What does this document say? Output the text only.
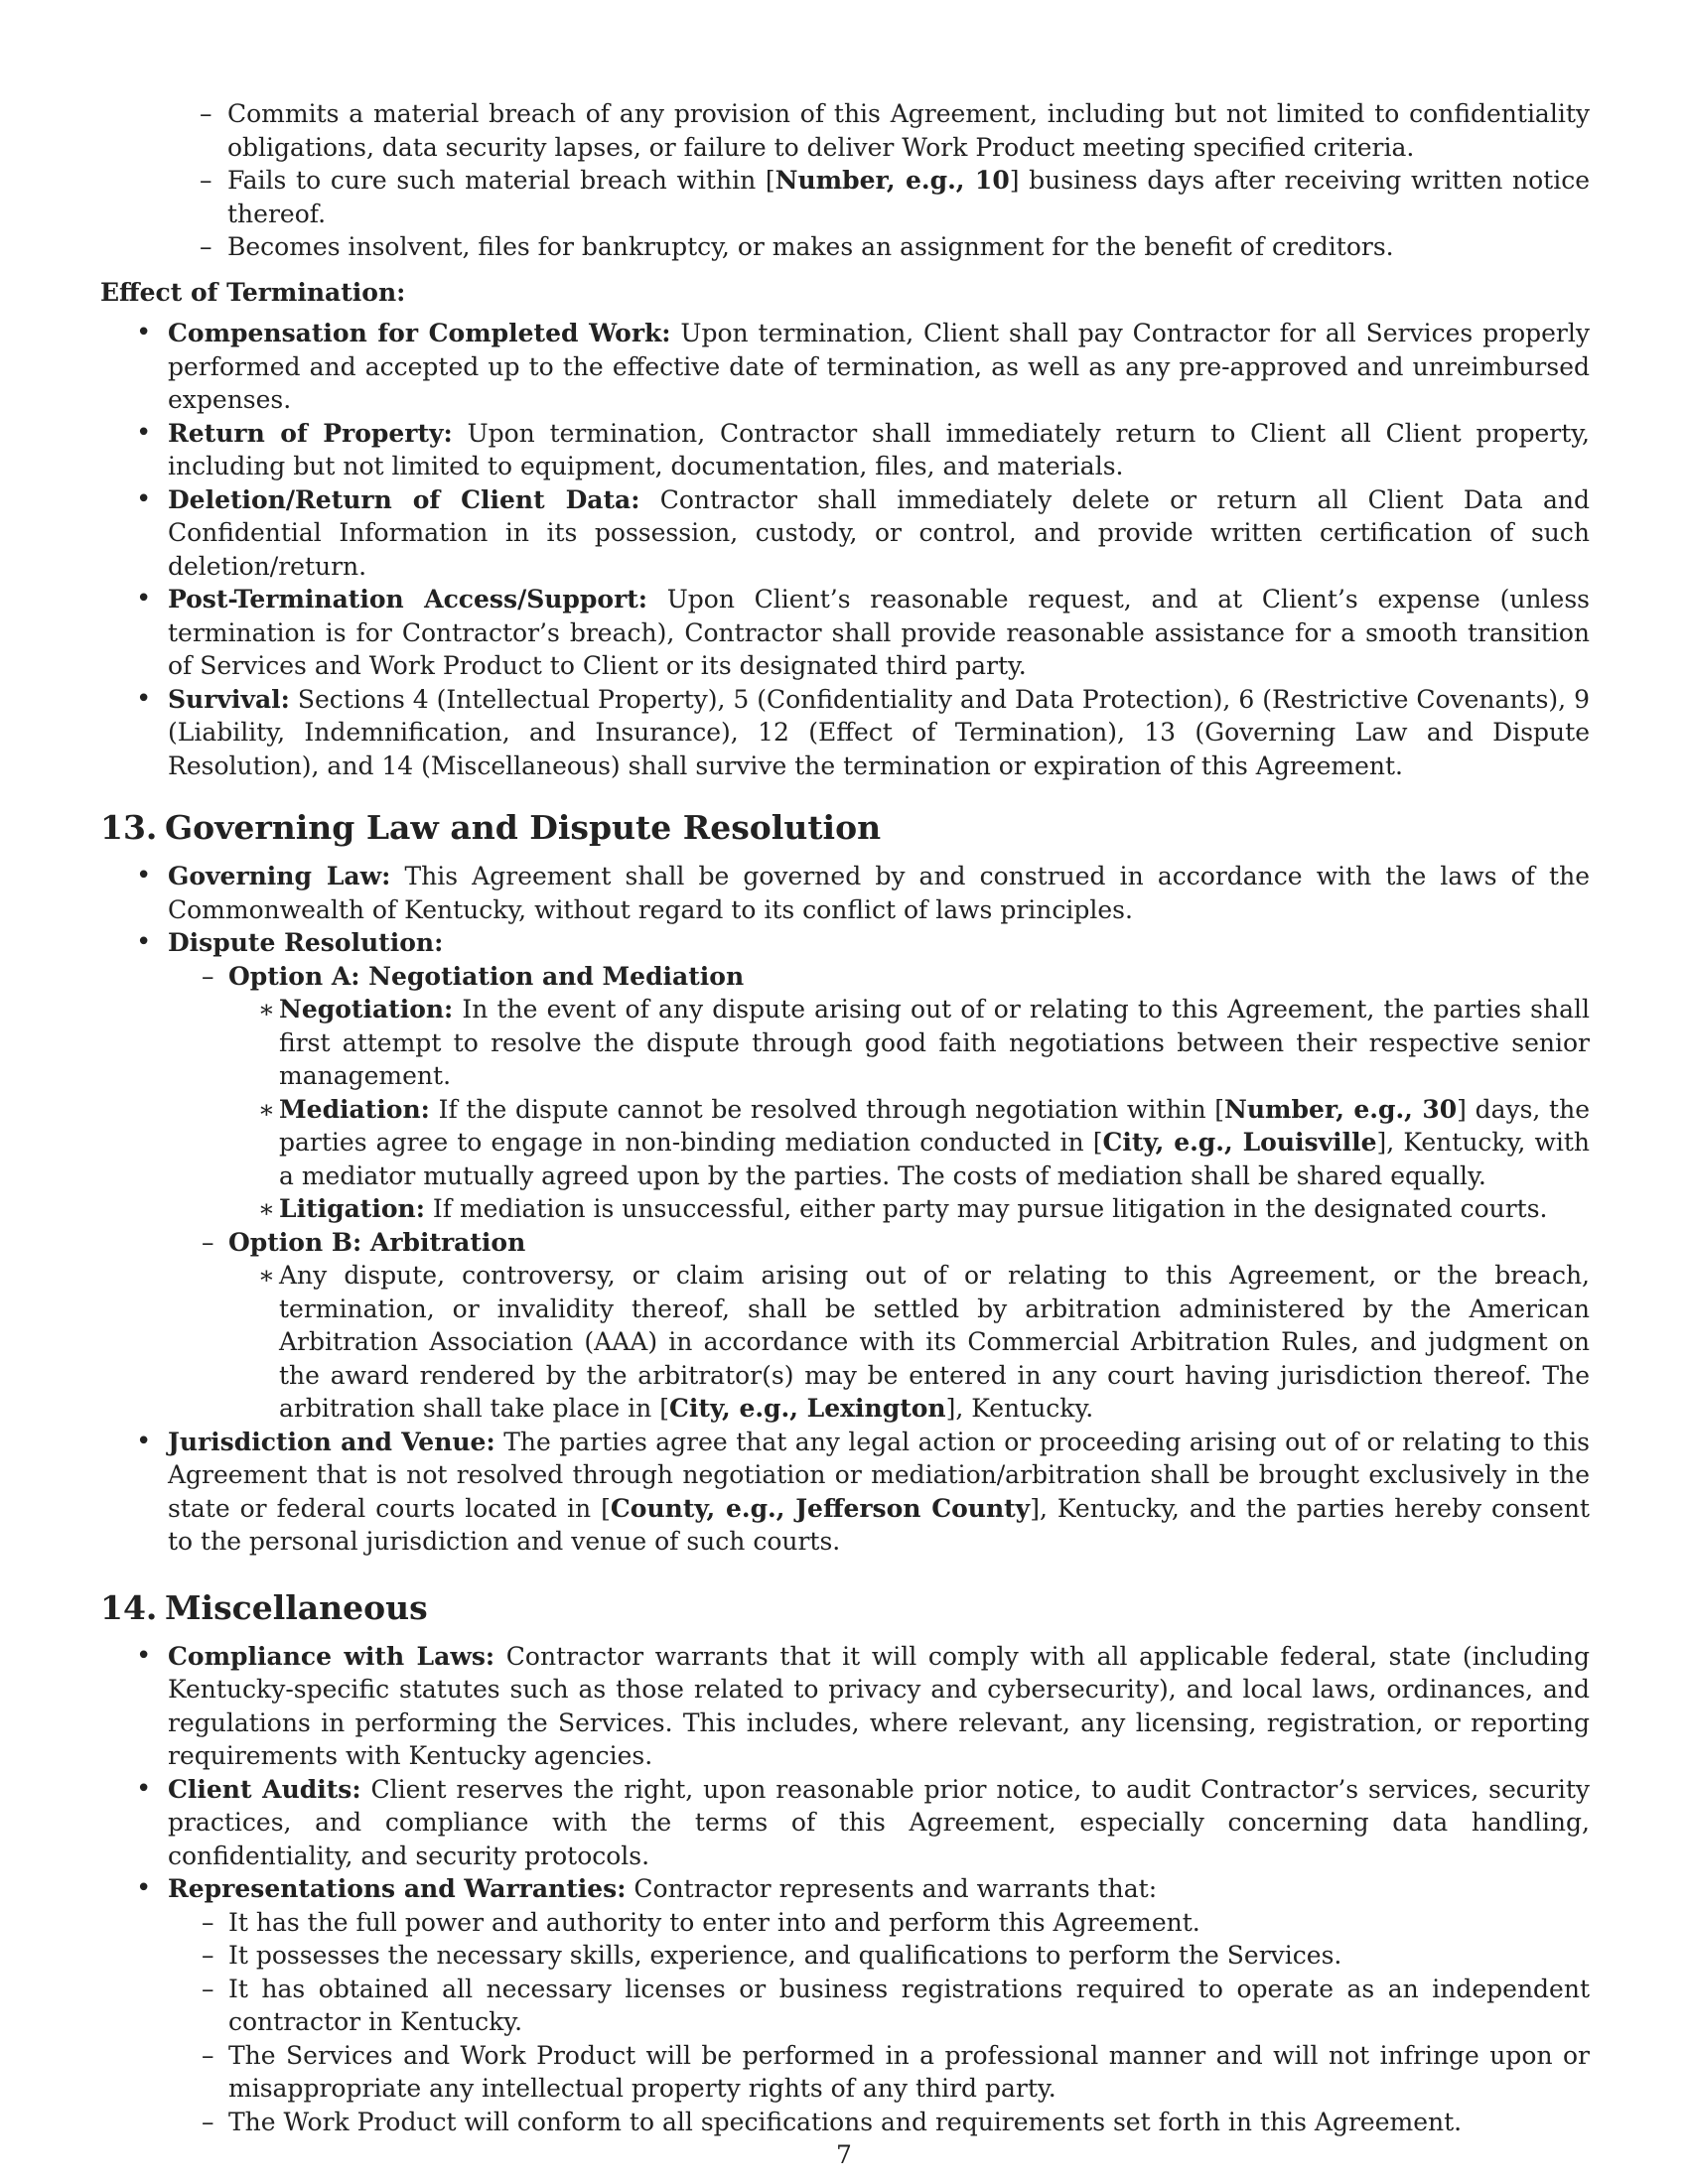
– Commits a material breach of any provision of this Agreement, including but not limited to confidentiality obligations, data security lapses, or failure to deliver Work Product meeting specified criteria.
– Fails to cure such material breach within [Number, e.g., 10] business days after receiving written notice thereof.
– Becomes insolvent, files for bankruptcy, or makes an assignment for the benefit of creditors.
Effect of Termination:
• Compensation for Completed Work: Upon termination, Client shall pay Contractor for all Services properly performed and accepted up to the effective date of termination, as well as any pre-approved and unreimbursed expenses.
• Return of Property: Upon termination, Contractor shall immediately return to Client all Client property, including but not limited to equipment, documentation, files, and materials.
• Deletion/Return of Client Data: Contractor shall immediately delete or return all Client Data and Confidential Information in its possession, custody, or control, and provide written certification of such deletion/return.
• Post-Termination Access/Support: Upon Client’s reasonable request, and at Client’s expense (unless termination is for Contractor’s breach), Contractor shall provide reasonable assistance for a smooth transition of Services and Work Product to Client or its designated third party.
• Survival: Sections 4 (Intellectual Property), 5 (Confidentiality and Data Protection), 6 (Restrictive Covenants), 9 (Liability, Indemnification, and Insurance), 12 (Effect of Termination), 13 (Governing Law and Dispute Resolution), and 14 (Miscellaneous) shall survive the termination or expiration of this Agreement.
13. Governing Law and Dispute Resolution
• Governing Law: This Agreement shall be governed by and construed in accordance with the laws of the Commonwealth of Kentucky, without regard to its conflict of laws principles.
• Dispute Resolution:
– Option A: Negotiation and Mediation
∗ Negotiation: In the event of any dispute arising out of or relating to this Agreement, the parties shall first attempt to resolve the dispute through good faith negotiations between their respective senior management.
∗ Mediation: If the dispute cannot be resolved through negotiation within [Number, e.g., 30] days, the parties agree to engage in non-binding mediation conducted in [City, e.g., Louisville], Kentucky, with a mediator mutually agreed upon by the parties. The costs of mediation shall be shared equally.
∗ Litigation: If mediation is unsuccessful, either party may pursue litigation in the designated courts.
– Option B: Arbitration
∗ Any dispute, controversy, or claim arising out of or relating to this Agreement, or the breach, termination, or invalidity thereof, shall be settled by arbitration administered by the American Arbitration Association (AAA) in accordance with its Commercial Arbitration Rules, and judgment on the award rendered by the arbitrator(s) may be entered in any court having jurisdiction thereof. The arbitration shall take place in [City, e.g., Lexington], Kentucky.
• Jurisdiction and Venue: The parties agree that any legal action or proceeding arising out of or relating to this Agreement that is not resolved through negotiation or mediation/arbitration shall be brought exclusively in the state or federal courts located in [County, e.g., Jefferson County], Kentucky, and the parties hereby consent to the personal jurisdiction and venue of such courts.
14. Miscellaneous
• Compliance with Laws: Contractor warrants that it will comply with all applicable federal, state (including Kentucky-specific statutes such as those related to privacy and cybersecurity), and local laws, ordinances, and regulations in performing the Services. This includes, where relevant, any licensing, registration, or reporting requirements with Kentucky agencies.
• Client Audits: Client reserves the right, upon reasonable prior notice, to audit Contractor’s services, security practices, and compliance with the terms of this Agreement, especially concerning data handling, confidentiality, and security protocols.
• Representations and Warranties: Contractor represents and warrants that:
– It has the full power and authority to enter into and perform this Agreement.
– It possesses the necessary skills, experience, and qualifications to perform the Services.
– It has obtained all necessary licenses or business registrations required to operate as an independent contractor in Kentucky.
– The Services and Work Product will be performed in a professional manner and will not infringe upon or misappropriate any intellectual property rights of any third party.
– The Work Product will conform to all specifications and requirements set forth in this Agreement.
7
